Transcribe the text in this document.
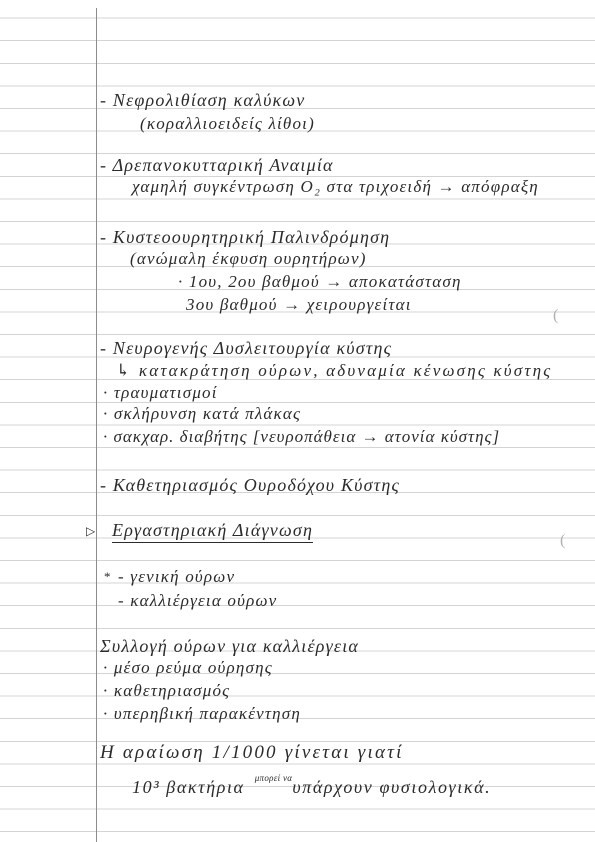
- Νεφρολιθίαση καλύκων
(κοραλλιοειδείς λίθοι)
- Δρεπανοκυτταρική Αναιμία
χαμηλή συγκέντρωση Ο₂ στα τριχοειδή → απόφραξη
- Κυστεοουρητηρική Παλινδρόμηση
(ανώμαλη έκφυση ουρητήρων)
· 1ου, 2ου βαθμού → αποκατάσταση
3ου βαθμού → χειρουργείται
(
- Νευρογενής Δυσλειτουργία κύστης
↳ κατακράτηση ούρων, αδυναμία κένωσης κύστης
· τραυματισμοί
· σκλήρυνση κατά πλάκας
· σακχαρ. διαβήτης [νευροπάθεια → ατονία κύστης]
- Καθετηριασμός Ουροδόχου Κύστης
▷ Εργαστηριακή Διάγνωση
(
* - γενική ούρων
- καλλιέργεια ούρων
Συλλογή ούρων για καλλιέργεια
· μέσο ρεύμα ούρησης
· καθετηριασμός
· υπερηβική παρακέντηση
Η αραίωση 1/1000 γίνεται γιατί
10³ βακτήρια μπορεί να υπάρχουν φυσιολογικά.
